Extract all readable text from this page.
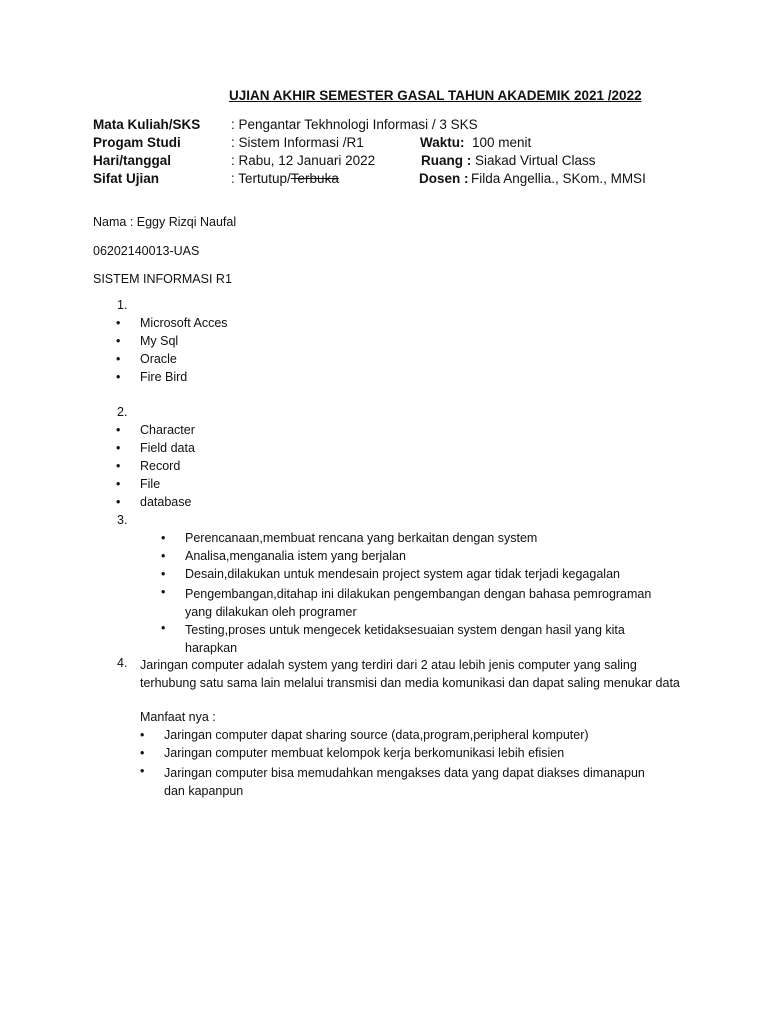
UJIAN AKHIR SEMESTER GASAL TAHUN AKADEMIK 2021 /2022
Mata Kuliah/SKS : Pengantar Tekhnologi Informasi / 3 SKS
Progam Studi	: Sistem Informasi /R1	Waktu: 100 menit
Hari/tanggal	: Rabu, 12 Januari 2022	Ruang : Siakad Virtual Class
Sifat Ujian	: Tertutup/Terbuka	Dosen : Filda Angellia., SKom., MMSI
Nama : Eggy Rizqi Naufal
06202140013-UAS
SISTEM INFORMASI R1
1.
• Microsoft Acces
• My Sql
• Oracle
• Fire Bird
2.
• Character
• Field data
• Record
• File
• database
3.
• Perencanaan,membuat rencana yang berkaitan dengan system
• Analisa,menganalia istem yang berjalan
• Desain,dilakukan untuk mendesain project system agar tidak terjadi kegagalan
• Pengembangan,ditahap ini dilakukan pengembangan dengan bahasa pemrograman yang dilakukan oleh programer
• Testing,proses untuk mengecek ketidaksesuaian system dengan hasil yang kita harapkan
4. Jaringan computer adalah system yang terdiri dari 2 atau lebih jenis computer yang saling terhubung satu sama lain melalui transmisi dan media komunikasi dan dapat saling menukar data
Manfaat nya :
• Jaringan computer dapat sharing source (data,program,peripheral komputer)
• Jaringan computer membuat kelompok kerja berkomunikasi lebih efisien
• Jaringan computer bisa memudahkan mengakses data yang dapat diakses dimanapun dan kapanpun
